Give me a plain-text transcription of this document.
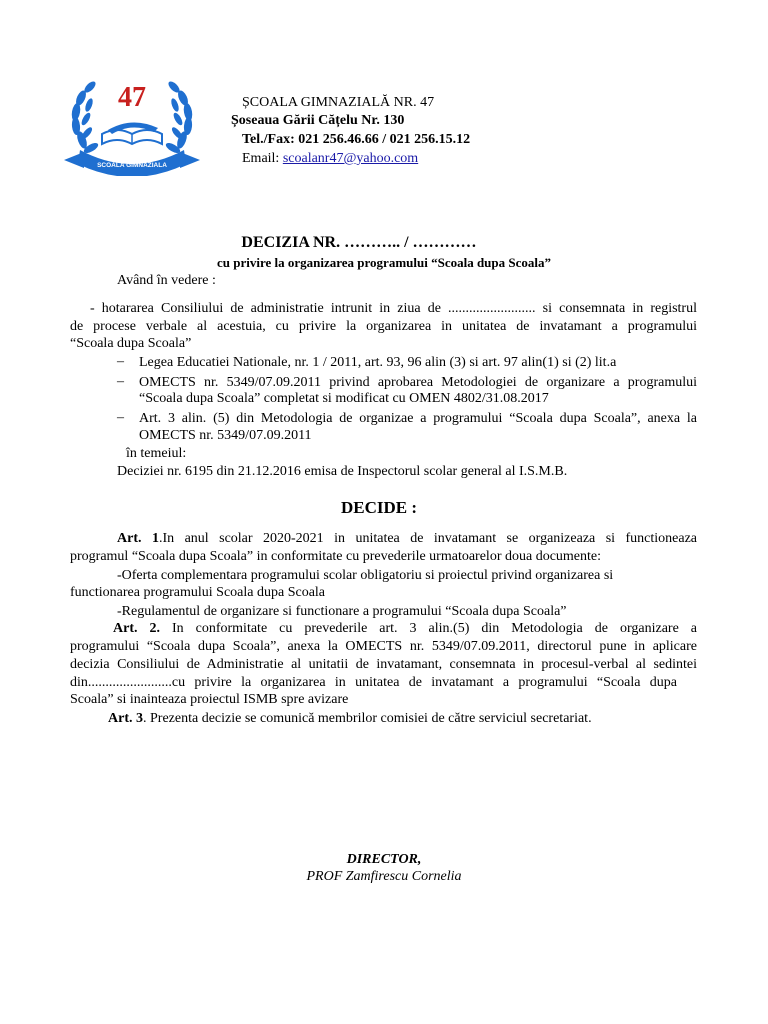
47
SCOALA GIMNAZIALA
ȘCOALA GIMNAZIALĂ NR. 47
Șoseaua Gării Cățelu Nr. 130
Tel./Fax: 021 256.46.66 / 021 256.15.12
Email: scoalanr47@yahoo.com
DECIZIA NR. ……….. / …………
cu privire la organizarea programului “Scoala dupa Scoala”
Având în vedere :
- hotararea Consiliului de administratie intrunit in ziua de ......................... si consemnata in registrul
de procese verbale al acestuia, cu privire la organizarea in unitatea de invatamant a programului
“Scoala dupa Scoala”
– Legea Educatiei Nationale, nr. 1 / 2011, art. 93, 96 alin (3) si art. 97 alin(1) si (2) lit.a
– OMECTS nr. 5349/07.09.2011 privind aprobarea Metodologiei de organizare a programului
“Scoala dupa Scoala” completat si modificat cu OMEN 4802/31.08.2017
– Art. 3 alin. (5) din Metodologia de organizae a programului “Scoala dupa Scoala”, anexa la
OMECTS nr. 5349/07.09.2011
în temeiul:
Deciziei nr. 6195 din 21.12.2016 emisa de Inspectorul scolar general al I.S.M.B.
DECIDE :
Art. 1.In anul scolar 2020-2021 in unitatea de invatamant se organizeaza si functioneaza
programul “Scoala dupa Scoala” in conformitate cu prevederile urmatoarelor doua documente:
-Oferta complementara programului scolar obligatoriu si proiectul privind organizarea si
functionarea programului Scoala dupa Scoala
-Regulamentul de organizare si functionare a programului “Scoala dupa Scoala”
Art. 2. In conformitate cu prevederile art. 3 alin.(5) din Metodologia de organizare a
programului “Scoala dupa Scoala”, anexa la OMECTS nr. 5349/07.09.2011, directorul pune in aplicare
decizia Consiliului de Administratie al unitatii de invatamant, consemnata in procesul-verbal al sedintei
din........................cu privire la organizarea in unitatea de invatamant a programului “Scoala dupa
Scoala” si inainteaza proiectul ISMB spre avizare
Art. 3. Prezenta decizie se comunică membrilor comisiei de către serviciul secretariat.
DIRECTOR,
PROF Zamfirescu Cornelia
